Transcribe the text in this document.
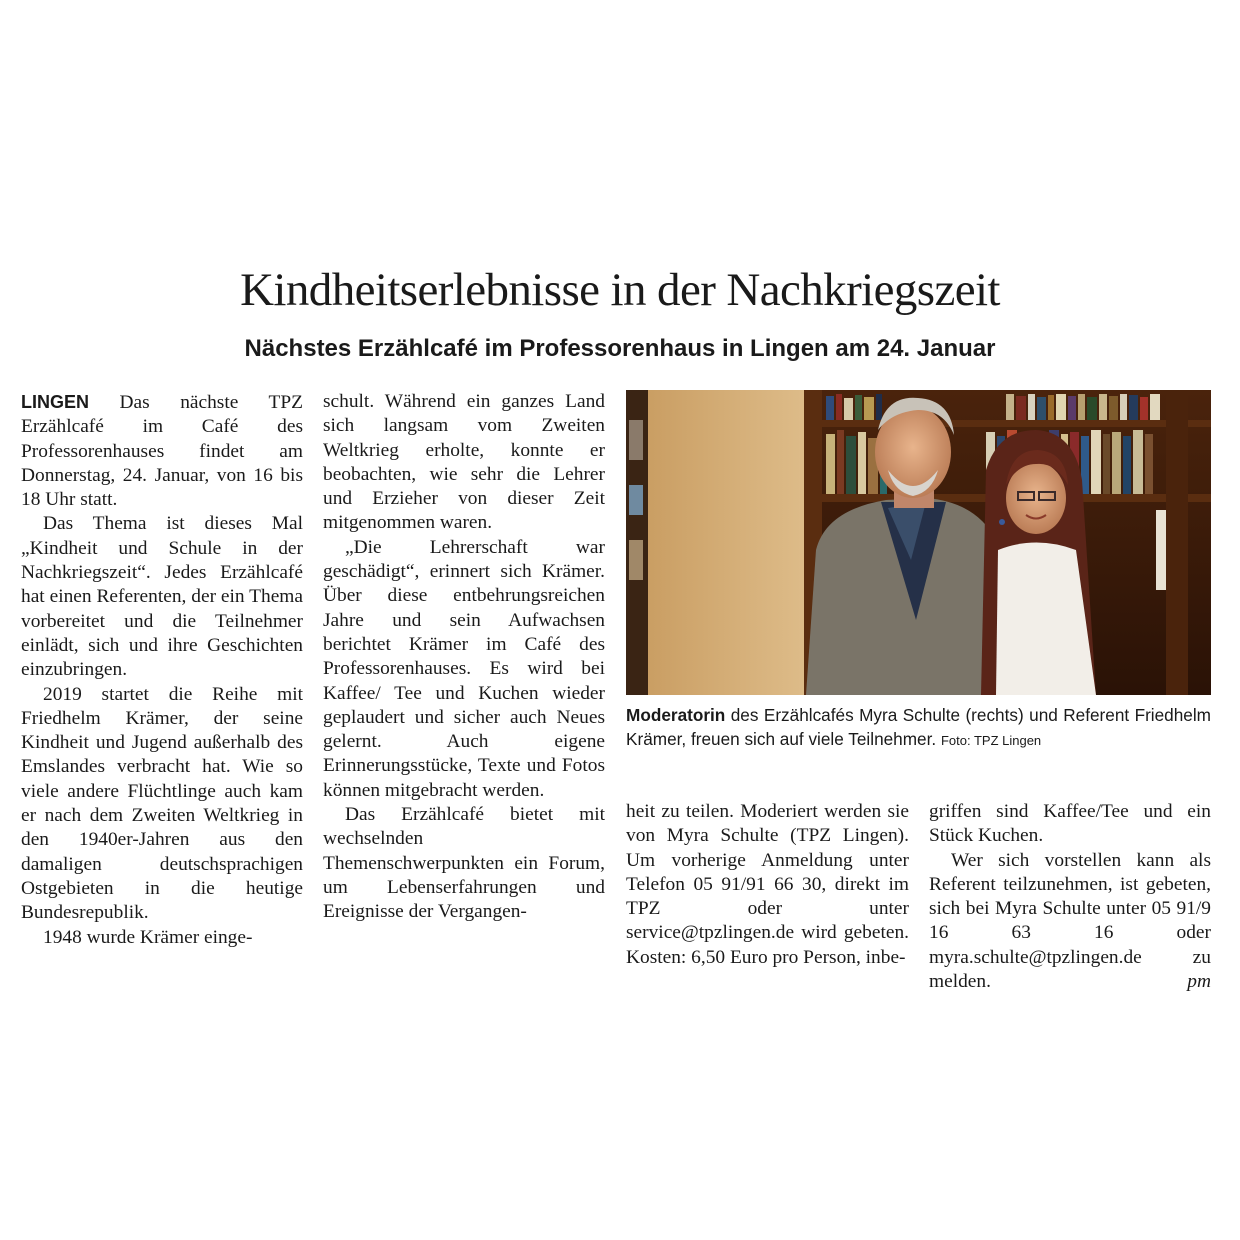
Kindheitserlebnisse in der Nachkriegszeit
Nächstes Erzählcafé im Professorenhaus in Lingen am 24. Januar

LINGEN Das nächste TPZ Erzählcafé im Café des Professorenhauses findet am Donnerstag, 24. Januar, von 16 bis 18 Uhr statt.

Das Thema ist dieses Mal „Kindheit und Schule in der Nachkriegszeit“. Jedes Erzählcafé hat einen Referenten, der ein Thema vorbereitet und die Teilnehmer einlädt, sich und ihre Geschichten einzubringen.

2019 startet die Reihe mit Friedhelm Krämer, der seine Kindheit und Jugend außerhalb des Emslandes verbracht hat. Wie so viele andere Flüchtlinge auch kam er nach dem Zweiten Weltkrieg in den 1940er-Jahren aus den damaligen deutschsprachigen Ostgebieten in die heutige Bundesrepublik.

1948 wurde Krämer einge-

schult. Während ein ganzes Land sich langsam vom Zweiten Weltkrieg erholte, konnte er beobachten, wie sehr die Lehrer und Erzieher von dieser Zeit mitgenommen waren.

„Die Lehrerschaft war geschädigt“, erinnert sich Krämer. Über diese entbehrungsreichen Jahre und sein Aufwachsen berichtet Krämer im Café des Professorenhauses. Es wird bei Kaffee/ Tee und Kuchen wieder geplaudert und sicher auch Neues gelernt. Auch eigene Erinnerungsstücke, Texte und Fotos können mitgebracht werden.

Das Erzählcafé bietet mit wechselnden Themenschwerpunkten ein Forum, um Lebenserfahrungen und Ereignisse der Vergangen-

Moderatorin des Erzählcafés Myra Schulte (rechts) und Referent Friedhelm Krämer, freuen sich auf viele Teilnehmer. Foto: TPZ Lingen

heit zu teilen. Moderiert werden sie von Myra Schulte (TPZ Lingen). Um vorherige Anmeldung unter Telefon 05 91/91 66 30, direkt im TPZ oder unter service@tpzlingen.de wird gebeten. Kosten: 6,50 Euro pro Person, inbe-

griffen sind Kaffee/Tee und ein Stück Kuchen.

Wer sich vorstellen kann als Referent teilzunehmen, ist gebeten, sich bei Myra Schulte unter 05 91/9 16 63 16 oder myra.schulte@tpzlingen.de zu melden.	pm
